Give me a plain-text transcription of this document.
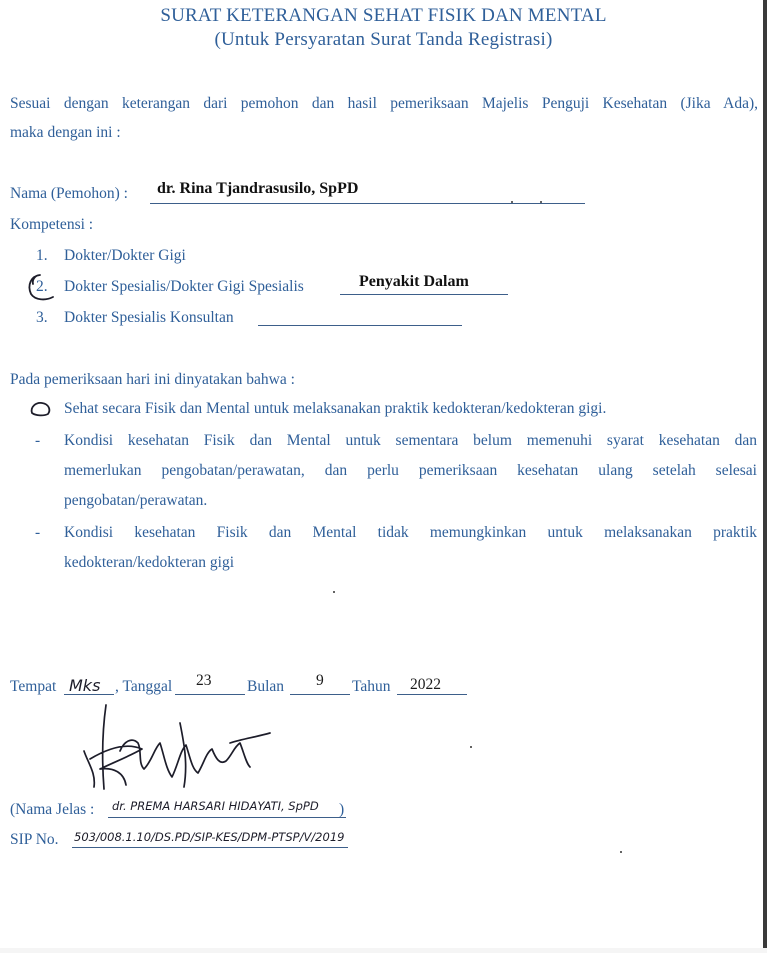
SURAT KETERANGAN SEHAT FISIK DAN MENTAL
(Untuk Persyaratan Surat Tanda Registrasi)
Sesuai dengan keterangan dari pemohon dan hasil pemeriksaan Majelis Penguji Kesehatan (Jika Ada),
maka dengan ini :
Nama (Pemohon) : dr. Rina Tjandrasusilo, SpPD
Kompetensi :
1. Dokter/Dokter Gigi
2. Dokter Spesialis/Dokter Gigi Spesialis	Penyakit Dalam
3. Dokter Spesialis Konsultan
Pada pemeriksaan hari ini dinyatakan bahwa :
Sehat secara Fisik dan Mental untuk melaksanakan praktik kedokteran/kedokteran gigi.
- Kondisi kesehatan Fisik dan Mental untuk sementara belum memenuhi syarat kesehatan dan
memerlukan pengobatan/perawatan, dan perlu pemeriksaan kesehatan ulang setelah selesai
pengobatan/perawatan.
- Kondisi kesehatan Fisik dan Mental tidak memungkinkan untuk melaksanakan praktik
kedokteran/kedokteran gigi
Tempat Mks , Tanggal 23 Bulan 9 Tahun 2022
(Nama Jelas : dr. PREMA HARSARI HIDAYATI, SpPD )
SIP No. 503/008.1.10/DS.PD/SIP-KES/DPM-PTSP/V/2019
